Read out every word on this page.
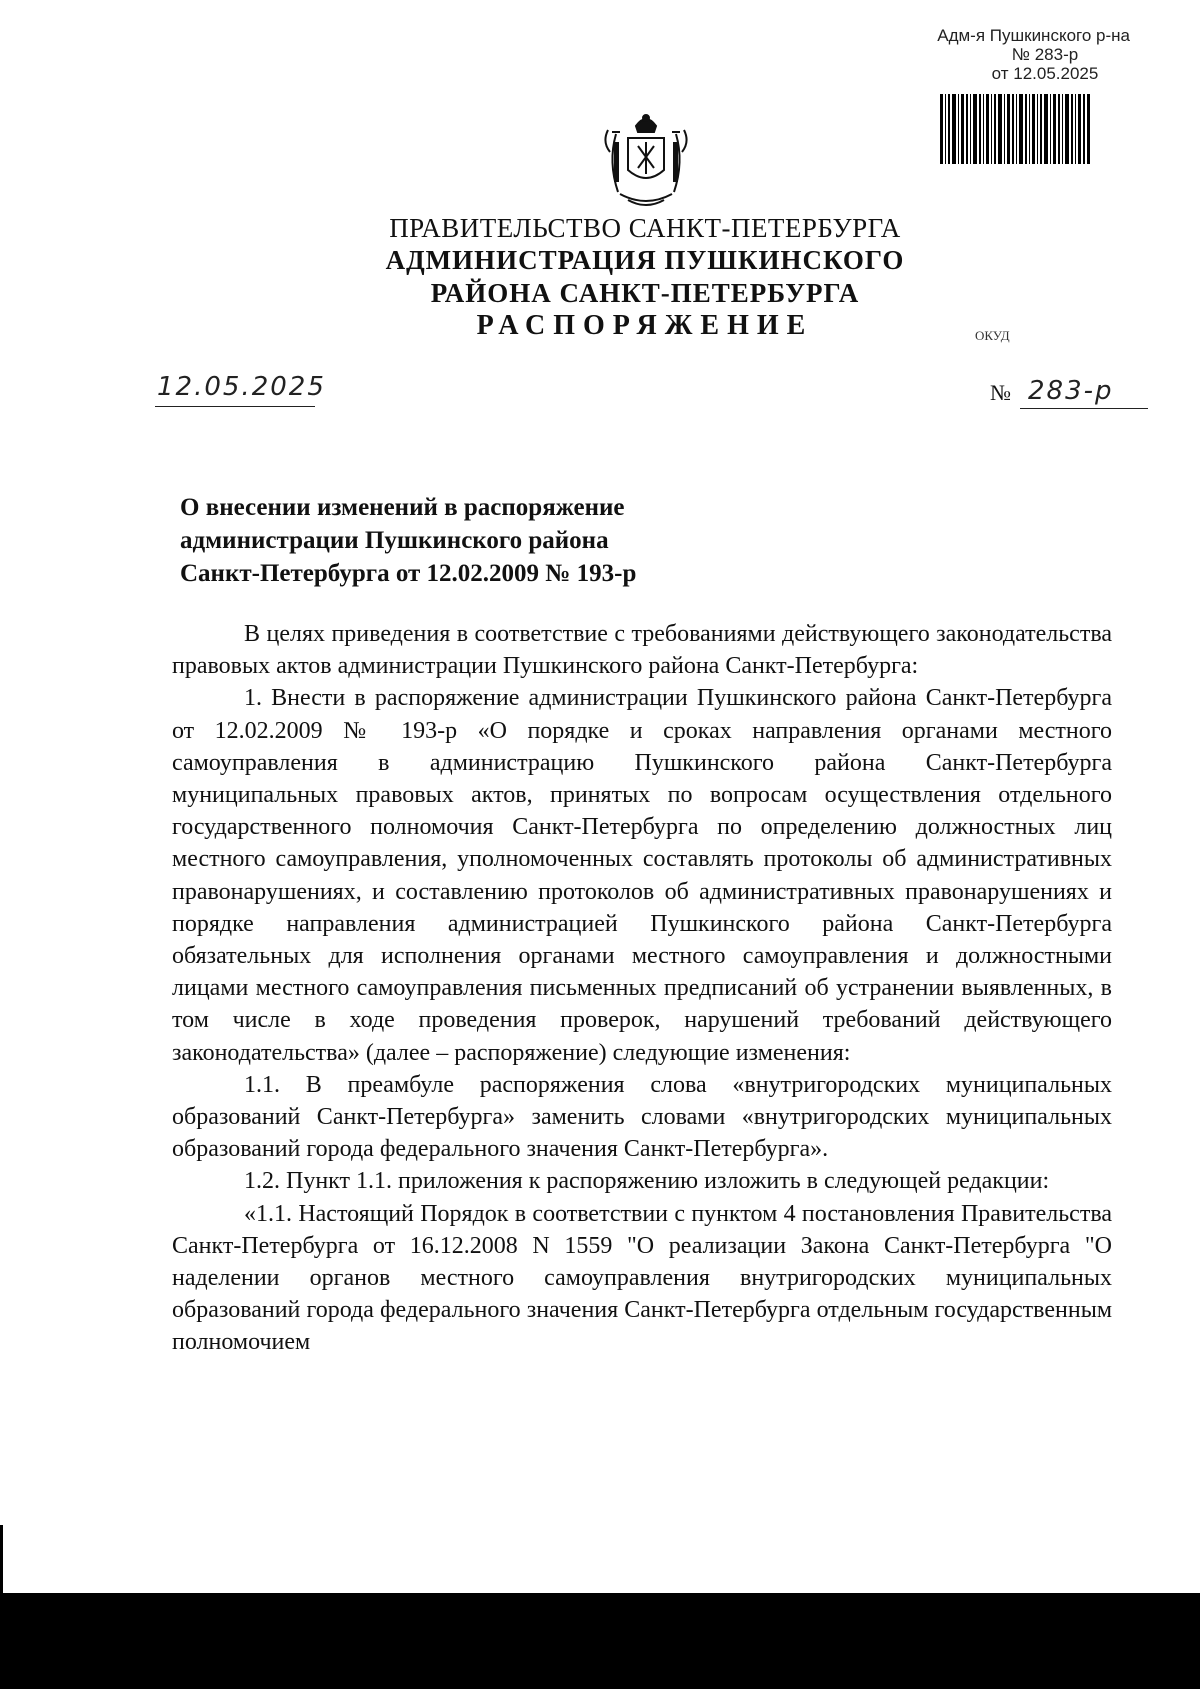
Адм-я Пушкинского р-на
№ 283-р
от 12.05.2025
ПРАВИТЕЛЬСТВО САНКТ-ПЕТЕРБУРГА
АДМИНИСТРАЦИЯ ПУШКИНСКОГО
РАЙОНА САНКТ-ПЕТЕРБУРГА
РАСПОРЯЖЕНИЕ	ОКУД
12.05.2025	№ 283-р
О внесении изменений в распоряжение
администрации Пушкинского района
Санкт-Петербурга от 12.02.2009 № 193-р

В целях приведения в соответствие с требованиями действующего законодательства правовых актов администрации Пушкинского района Санкт-Петербурга:

1. Внести в распоряжение администрации Пушкинского района Санкт-Петербурга от 12.02.2009 № 193-р «О порядке и сроках направления органами местного самоуправления в администрацию Пушкинского района Санкт-Петербурга муниципальных правовых актов, принятых по вопросам осуществления отдельного государственного полномочия Санкт-Петербурга по определению должностных лиц местного самоуправления, уполномоченных составлять протоколы об административных правонарушениях, и составлению протоколов об административных правонарушениях и порядке направления администрацией Пушкинского района Санкт-Петербурга обязательных для исполнения органами местного самоуправления и должностными лицами местного самоуправления письменных предписаний об устранении выявленных, в том числе в ходе проведения проверок, нарушений требований действующего законодательства» (далее – распоряжение) следующие изменения:

1.1. В преамбуле распоряжения слова «внутригородских муниципальных образований Санкт-Петербурга» заменить словами «внутригородских муниципальных образований города федерального значения Санкт-Петербурга».

1.2. Пункт 1.1. приложения к распоряжению изложить в следующей редакции:

«1.1. Настоящий Порядок в соответствии с пунктом 4 постановления Правительства Санкт-Петербурга от 16.12.2008 N 1559 "О реализации Закона Санкт-Петербурга "О наделении органов местного самоуправления внутригородских муниципальных образований города федерального значения Санкт-Петербурга отдельным государственным полномочием
